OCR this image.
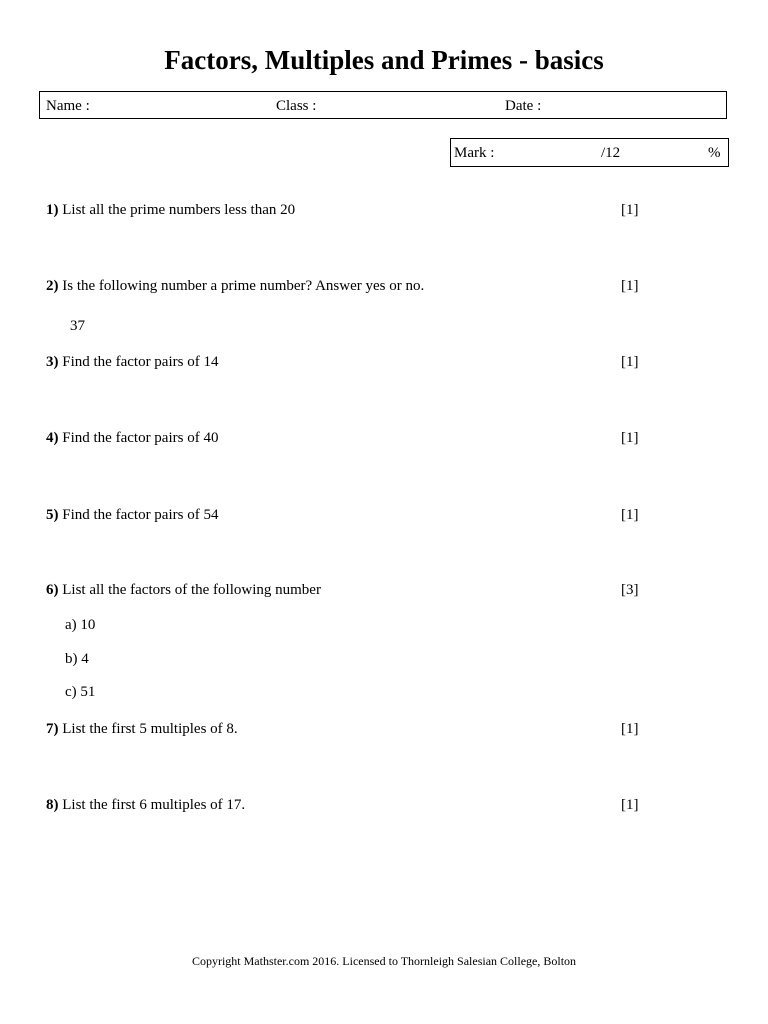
Factors, Multiples and Primes - basics
Name :	Class :	Date :
Mark :	/12	%
1) List all the prime numbers less than 20	[1]
2) Is the following number a prime number? Answer yes or no.	[1]
37
3) Find the factor pairs of 14	[1]
4) Find the factor pairs of 40	[1]
5) Find the factor pairs of 54	[1]
6) List all the factors of the following number	[3]
a) 10
b) 4
c) 51
7) List the first 5 multiples of 8.	[1]
8) List the first 6 multiples of 17.	[1]
Copyright Mathster.com 2016. Licensed to Thornleigh Salesian College, Bolton
